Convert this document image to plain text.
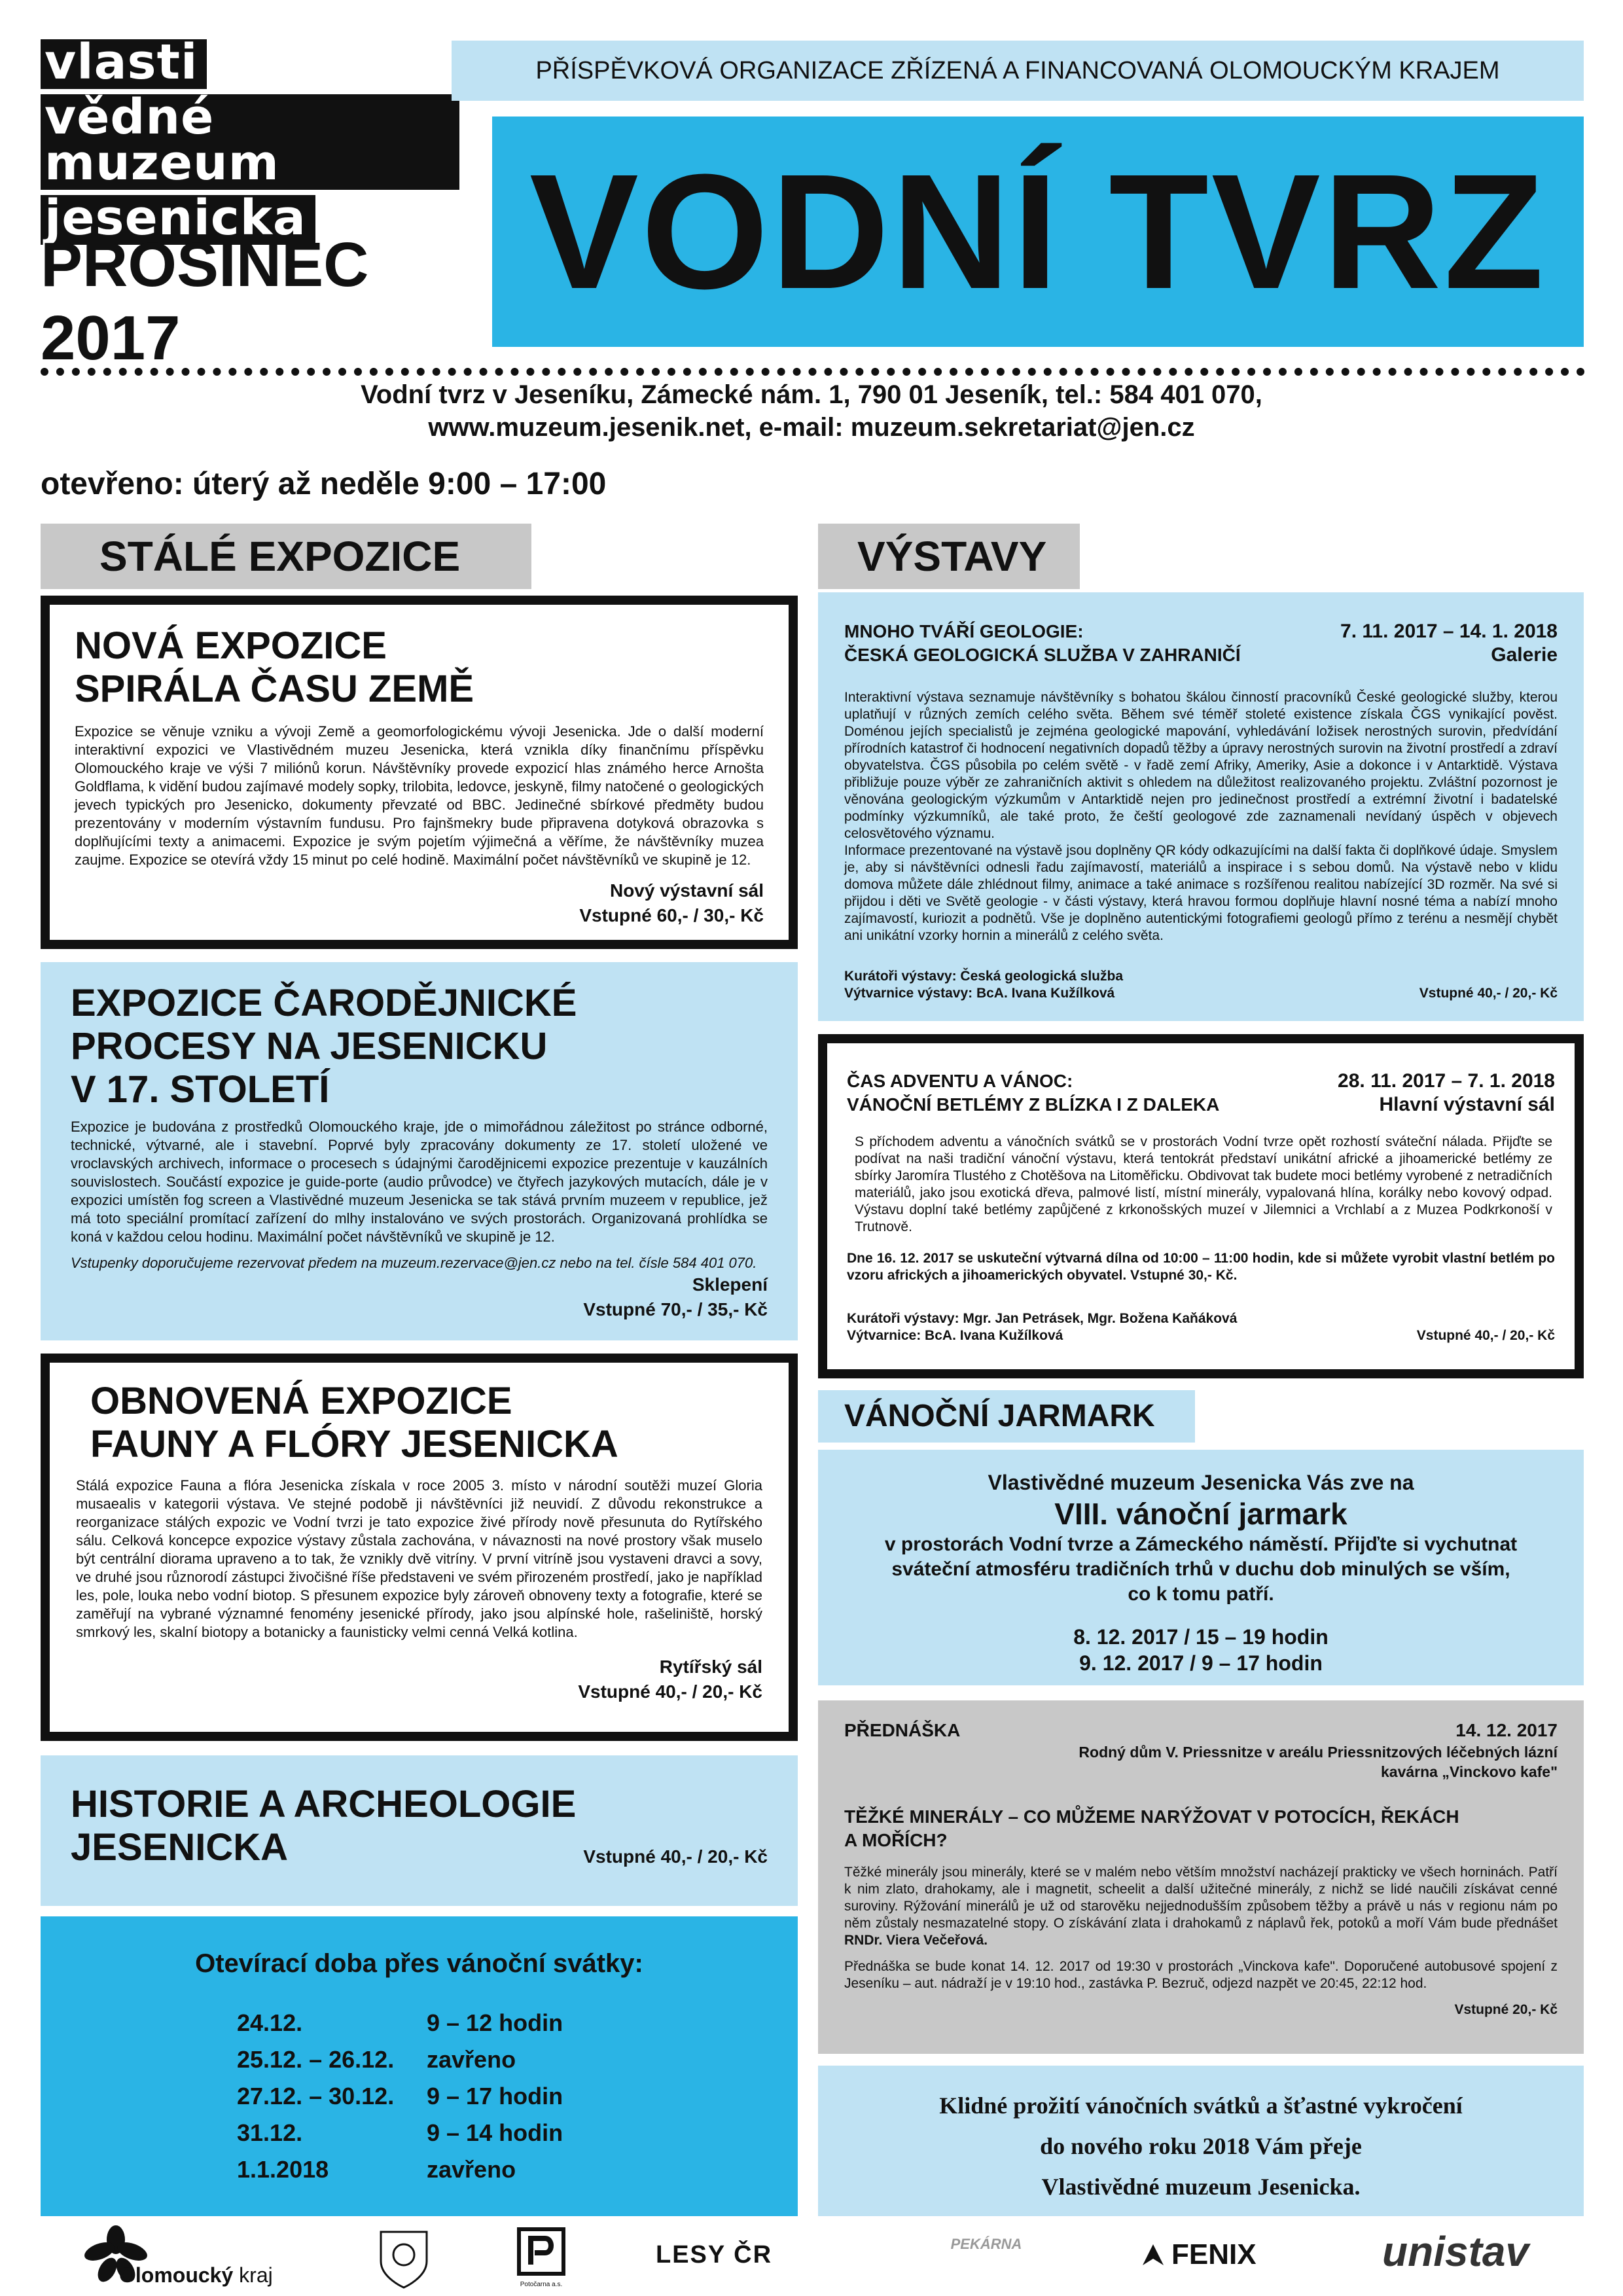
vlasti
vědné muzeum
jesenicka
PŘÍSPĚVKOVÁ ORGANIZACE ZŘÍZENÁ A FINANCOVANÁ OLOMOUCKÝM KRAJEM
VODNÍ TVRZ
PROSINEC
2017
Vodní tvrz v Jeseníku, Zámecké nám. 1, 790 01 Jeseník, tel.: 584 401 070,
www.muzeum.jesenik.net, e-mail: muzeum.sekretariat@jen.cz
otevřeno: úterý až neděle 9:00 – 17:00
STÁLÉ EXPOZICE
NOVÁ EXPOZICE
SPIRÁLA ČASU ZEMĚ
Expozice se věnuje vzniku a vývoji Země a geomorfologickému vývoji Jesenicka. Jde o další moderní interaktivní expozici ve Vlastivědném muzeu Jesenicka, která vznikla díky finančnímu příspěvku Olomouckého kraje ve výši 7 miliónů korun. Návštěvníky provede expozicí hlas známého herce Arnošta Goldflama, k vidění budou zajímavé modely sopky, trilobita, ledovce, jeskyně, filmy natočené o geologických jevech typických pro Jesenicko, dokumenty převzaté od BBC. Jedinečné sbírkové předměty budou prezentovány v moderním výstavním fundusu. Pro fajnšmekry bude připravena dotyková obrazovka s doplňujícími texty a animacemi. Expozice je svým pojetím výjimečná a věříme, že návštěvníky muzea zaujme. Expozice se otevírá vždy 15 minut po celé hodině. Maximální počet návštěvníků ve skupině je 12.
Nový výstavní sál
Vstupné 60,- / 30,- Kč
EXPOZICE ČARODĚJNICKÉ
PROCESY NA JESENICKU
V 17. STOLETÍ
Expozice je budována z prostředků Olomouckého kraje, jde o mimořádnou záležitost po stránce odborné, technické, výtvarné, ale i stavební. Poprvé byly zpracovány dokumenty ze 17. století uložené ve vroclavských archivech, informace o procesech s údajnými čarodějnicemi expozice prezentuje v kauzálních souvislostech. Součástí expozice je guide-porte (audio průvodce) ve čtyřech jazykových mutacích, dále je v expozici umístěn fog screen a Vlastivědné muzeum Jesenicka se tak stává prvním muzeem v republice, jež má toto speciální promítací zařízení do mlhy instalováno ve svých prostorách. Organizovaná prohlídka se koná v každou celou hodinu. Maximální počet návštěvníků ve skupině je 12.
Vstupenky doporučujeme rezervovat předem na muzeum.rezervace@jen.cz nebo na tel. čísle 584 401 070.
Sklepení
Vstupné 70,- / 35,- Kč
OBNOVENÁ EXPOZICE
FAUNY A FLÓRY JESENICKA
Stálá expozice Fauna a flóra Jesenicka získala v roce 2005 3. místo v národní soutěži muzeí Gloria musaealis v kategorii výstava. Ve stejné podobě ji návštěvníci již neuvidí. Z důvodu rekonstrukce a reorganizace stálých expozic ve Vodní tvrzi je tato expozice živé přírody nově přesunuta do Rytířského sálu. Celková koncepce expozice výstavy zůstala zachována, v návaznosti na nové prostory však muselo být centrální diorama upraveno a to tak, že vznikly dvě vitríny. V první vitríně jsou vystaveni dravci a sovy, ve druhé jsou různorodí zástupci živočišné říše představeni ve svém přirozeném prostředí, jako je například les, pole, louka nebo vodní biotop. S přesunem expozice byly zároveň obnoveny texty a fotografie, které se zaměřují na vybrané významné fenomény jesenické přírody, jako jsou alpínské hole, rašeliniště, horský smrkový les, skalní biotopy a botanicky a faunisticky velmi cenná Velká kotlina.
Rytířský sál
Vstupné 40,- / 20,- Kč
HISTORIE A ARCHEOLOGIE
JESENICKA	Vstupné 40,- / 20,- Kč
Otevírací doba přes vánoční svátky:
24.12.	9 – 12 hodin
25.12. – 26.12.	zavřeno
27.12. – 30.12.	9 – 17 hodin
31.12.	9 – 14 hodin
1.1.2018	zavřeno
VÝSTAVY
MNOHO TVÁŘÍ GEOLOGIE:
ČESKÁ GEOLOGICKÁ SLUŽBA V ZAHRANIČÍ
7. 11. 2017 – 14. 1. 2018
Galerie
Interaktivní výstava seznamuje návštěvníky s bohatou škálou činností pracovníků České geologické služby, kterou uplatňují v různých zemích celého světa. Během své téměř stoleté existence získala ČGS vynikající pověst. Doménou jejích specialistů je zejména geologické mapování, vyhledávání ložisek nerostných surovin, předvídání přírodních katastrof či hodnocení negativních dopadů těžby a úpravy nerostných surovin na životní prostředí a zdraví obyvatelstva. ČGS působila po celém světě - v řadě zemí Afriky, Ameriky, Asie a dokonce i v Antarktidě. Výstava přibližuje pouze výběr ze zahraničních aktivit s ohledem na důležitost realizovaného projektu. Zvláštní pozornost je věnována geologickým výzkumům v Antarktidě nejen pro jedinečnost prostředí a extrémní životní i badatelské podmínky výzkumníků, ale také proto, že čeští geologové zde zaznamenali nevídaný úspěch v objevech celosvětového významu.
Informace prezentované na výstavě jsou doplněny QR kódy odkazujícími na další fakta či doplňkové údaje. Smyslem je, aby si návštěvníci odnesli řadu zajímavostí, materiálů a inspirace i s sebou domů. Na výstavě nebo v klidu domova můžete dále zhlédnout filmy, animace a také animace s rozšířenou realitou nabízející 3D rozměr. Na své si přijdou i děti ve Světě geologie - v části výstavy, která hravou formou doplňuje hlavní nosné téma a nabízí mnoho zajímavostí, kuriozit a podnětů. Vše je doplněno autentickými fotografiemi geologů přímo z terénu a nesmějí chybět ani unikátní vzorky hornin a minerálů z celého světa.
Kurátoři výstavy: Česká geologická služba
Výtvarnice výstavy: BcA. Ivana Kužílková	Vstupné 40,- / 20,- Kč
ČAS ADVENTU A VÁNOC:
VÁNOČNÍ BETLÉMY Z BLÍZKA I Z DALEKA
28. 11. 2017 – 7. 1. 2018
Hlavní výstavní sál
S příchodem adventu a vánočních svátků se v prostorách Vodní tvrze opět rozhostí sváteční nálada. Přijďte se podívat na naši tradiční vánoční výstavu, která tentokrát představí unikátní africké a jihoamerické betlémy ze sbírky Jaromíra Tlustého z Chotěšova na Litoměřicku. Obdivovat tak budete moci betlémy vyrobené z netradičních materiálů, jako jsou exotická dřeva, palmové listí, místní minerály, vypalovaná hlína, korálky nebo kovový odpad. Výstavu doplní také betlémy zapůjčené z krkonošských muzeí v Jilemnici a Vrchlabí a z Muzea Podkrkonoší v Trutnově.
Dne 16. 12. 2017 se uskuteční výtvarná dílna od 10:00 – 11:00 hodin, kde si můžete vyrobit vlastní betlém po vzoru afrických a jihoamerických obyvatel. Vstupné 30,- Kč.
Kurátoři výstavy: Mgr. Jan Petrásek, Mgr. Božena Kaňáková
Výtvarnice: BcA. Ivana Kužílková	Vstupné 40,- / 20,- Kč
VÁNOČNÍ JARMARK
Vlastivědné muzeum Jesenicka Vás zve na
VIII. vánoční jarmark
v prostorách Vodní tvrze a Zámeckého náměstí. Přijďte si vychutnat
sváteční atmosféru tradičních trhů v duchu dob minulých se vším,
co k tomu patří.
8. 12. 2017 / 15 – 19 hodin
9. 12. 2017 / 9 – 17 hodin
PŘEDNÁŠKA	14. 12. 2017
Rodný dům V. Priessnitze v areálu Priessnitzových léčebných lázní
kavárna „Vinckovo kafe"
TĚŽKÉ MINERÁLY – CO MŮŽEME NARÝŽOVAT V POTOCÍCH, ŘEKÁCH
A MOŘÍCH?
Těžké minerály jsou minerály, které se v malém nebo větším množství nacházejí prakticky ve všech horninách. Patří k nim zlato, drahokamy, ale i magnetit, scheelit a další užitečné minerály, z nichž se lidé naučili získávat cenné suroviny. Rýžování minerálů je už od starověku nejjednodušším způsobem těžby a právě u nás v regionu nám po něm zůstaly nesmazatelné stopy. O získávání zlata i drahokamů z náplavů řek, potoků a moří Vám bude přednášet RNDr. Viera Večeřová.
Přednáška se bude konat 14. 12. 2017 od 19:30 v prostorách „Vinckova kafe". Doporučené autobusové spojení z Jeseníku – aut. nádraží je v 19:10 hod., zastávka P. Bezruč, odjezd nazpět ve 20:45, 22:12 hod.
Vstupné 20,- Kč
Klidné prožití vánočních svátků a šťastné vykročení
do nového roku 2018 Vám přeje
Vlastivědné muzeum Jesenicka.
Olomoucký kraj	Potočarna a.s.
LESY ČR	PEKÁRNA	FENIX	unistav
